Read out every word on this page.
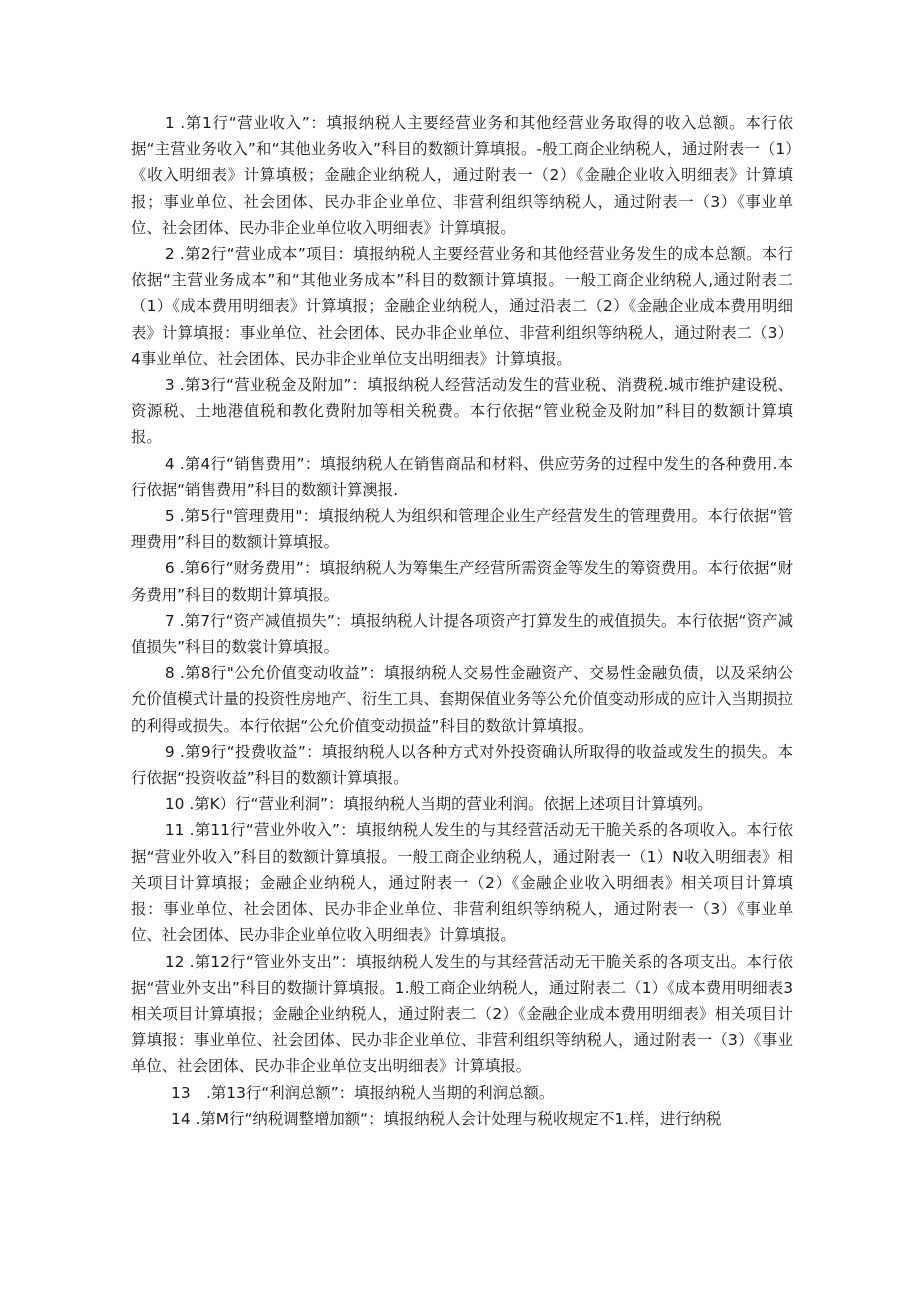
1 .第1行“营业收入”：填报纳税人主要经营业务和其他经营业务取得的收入总额。本行依据“主营业务收入”和“其他业务收入”科目的数额计算填报。-般工商企业纳税人，通过附表一（1）《收入明细表》计算填极；金融企业纳税人，通过附表一（2）《金融企业收入明细表》计算填报；事业单位、社会团体、民办非企业单位、非营利组织等纳税人，通过附表一（3）《事业单位、社会团体、民办非企业单位收入明细表》计算填报。

2 .第2行“营业成本”项目：填报纳税人主要经营业务和其他经营业务发生的成本总额。本行依据“主营业务成本”和“其他业务成本”科目的数额计算填报。一般工商企业纳税人,通过附表二（1）《成本费用明细表》计算填报；金融企业纳税人，通过沿表二（2）《金融企业成本费用明细表》计算填报：事业单位、社会团体、民办非企业单位、非营利组织等纳税人，通过附表二（3）4事业单位、社会团体、民办非企业单位支出明细表》计算填报。

3 .第3行“营业税金及附加”：填报纳税人经营活动发生的营业税、消费税.城市维护建设税、资源税、土地港值税和教化费附加等相关税费。本行依据“管业税金及附加”科目的数额计算填报。

4 .第4行“销售费用”：填报纳税人在销售商品和材料、供应劳务的过程中发生的各种费用.本行依据“销售费用”科目的数额计算澳报.

5 .第5行"管理费用"：填报纳税人为组织和管理企业生产经营发生的管理费用。本行依据“管理费用”科目的数额计算填报。

6 .第6行“财务费用”：填报纳税人为筹集生产经营所需资金等发生的筹资费用。本行依据“财务费用”科目的数期计算填报。

7 .第7行“资产减值损失”：填报纳税人计提各项资产打算发生的戒值损失。本行依据“资产减值损失”科目的数裳计算填报。

8 .第8行"公允价值变动收益”：填报纳税人交易性金融资产、交易性金融负债，以及采纳公允价值模式计量的投资性房地产、衍生工具、套期保值业务等公允价值变动形成的应计入当期损拉的利得或损失。本行依据“公允价值变动损益”科目的数欲计算填报。

9 .第9行“投费收益”：填报纳税人以各种方式对外投资确认所取得的收益或发生的损失。本行依据“投资收益”科目的数额计算填报。

10 .第K）行“营业利洞”：填报纳税人当期的营业利润。依据上述项目计算填列。

11 .第11行“营业外收入”：填报纳税人发生的与其经营活动无干脆关系的各项收入。本行依据“营业外收入”科目的数额计算填报。一般工商企业纳税人，通过附表一（1）N收入明细表》相关项目计算填报；金融企业纳税人，通过附表一（2）《金融企业收入明细表》相关项目计算填报：事业单位、社会团体、民办非企业单位、非营利组织等纳税人，通过附表一（3）《事业单位、社会团体、民办非企业单位收入明细表》计算填报。

12 .第12行“管业外支出”：填报纳税人发生的与其经营活动无干脆关系的各项支出。本行依据“营业外支出”科目的数撷计算填报。1.般工商企业纳税人，通过附表二（1）《成本费用明细表3相关项目计算填报；金融企业纳税人，通过附表二（2）《金融企业成本费用明细表》相关项目计算填报：事业单位、社会团体、民办非企业单位、非营利组织等纳税人，通过附表一（3）《事业单位、社会团体、民办非企业单位支出明细表》计算填报。

13　.第13行“利润总额”：填报纳税人当期的利润总额。

14 .第M行“纳税调整增加额“：填报纳税人会计处理与税收规定不1.样，进行纳税
